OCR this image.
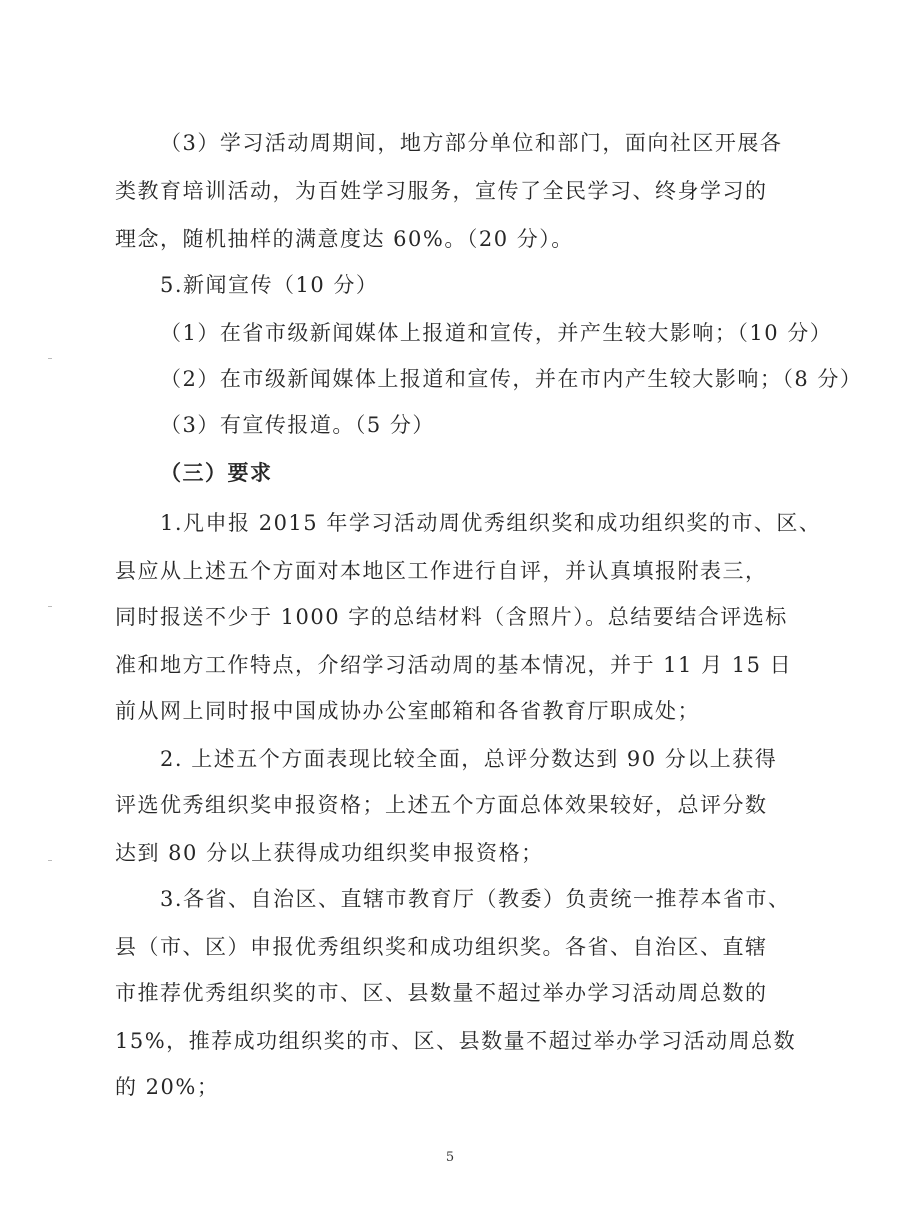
（3）学习活动周期间，地方部分单位和部门，面向社区开展各
类教育培训活动，为百姓学习服务，宣传了全民学习、终身学习的
理念，随机抽样的满意度达 60%。（20 分）。
5.新闻宣传（10 分）
（1）在省市级新闻媒体上报道和宣传，并产生较大影响；（10 分）
（2）在市级新闻媒体上报道和宣传，并在市内产生较大影响；（8 分）
（3）有宣传报道。（5 分）
（三）要求
1.凡申报 2015 年学习活动周优秀组织奖和成功组织奖的市、区、
县应从上述五个方面对本地区工作进行自评，并认真填报附表三，
同时报送不少于 1000 字的总结材料（含照片）。总结要结合评选标
准和地方工作特点，介绍学习活动周的基本情况，并于 11 月 15 日
前从网上同时报中国成协办公室邮箱和各省教育厅职成处；
2. 上述五个方面表现比较全面，总评分数达到 90 分以上获得
评选优秀组织奖申报资格；上述五个方面总体效果较好，总评分数
达到 80 分以上获得成功组织奖申报资格；
3.各省、自治区、直辖市教育厅（教委）负责统一推荐本省市、
县（市、区）申报优秀组织奖和成功组织奖。各省、自治区、直辖
市推荐优秀组织奖的市、区、县数量不超过举办学习活动周总数的
15%，推荐成功组织奖的市、区、县数量不超过举办学习活动周总数
的 20%；
5
